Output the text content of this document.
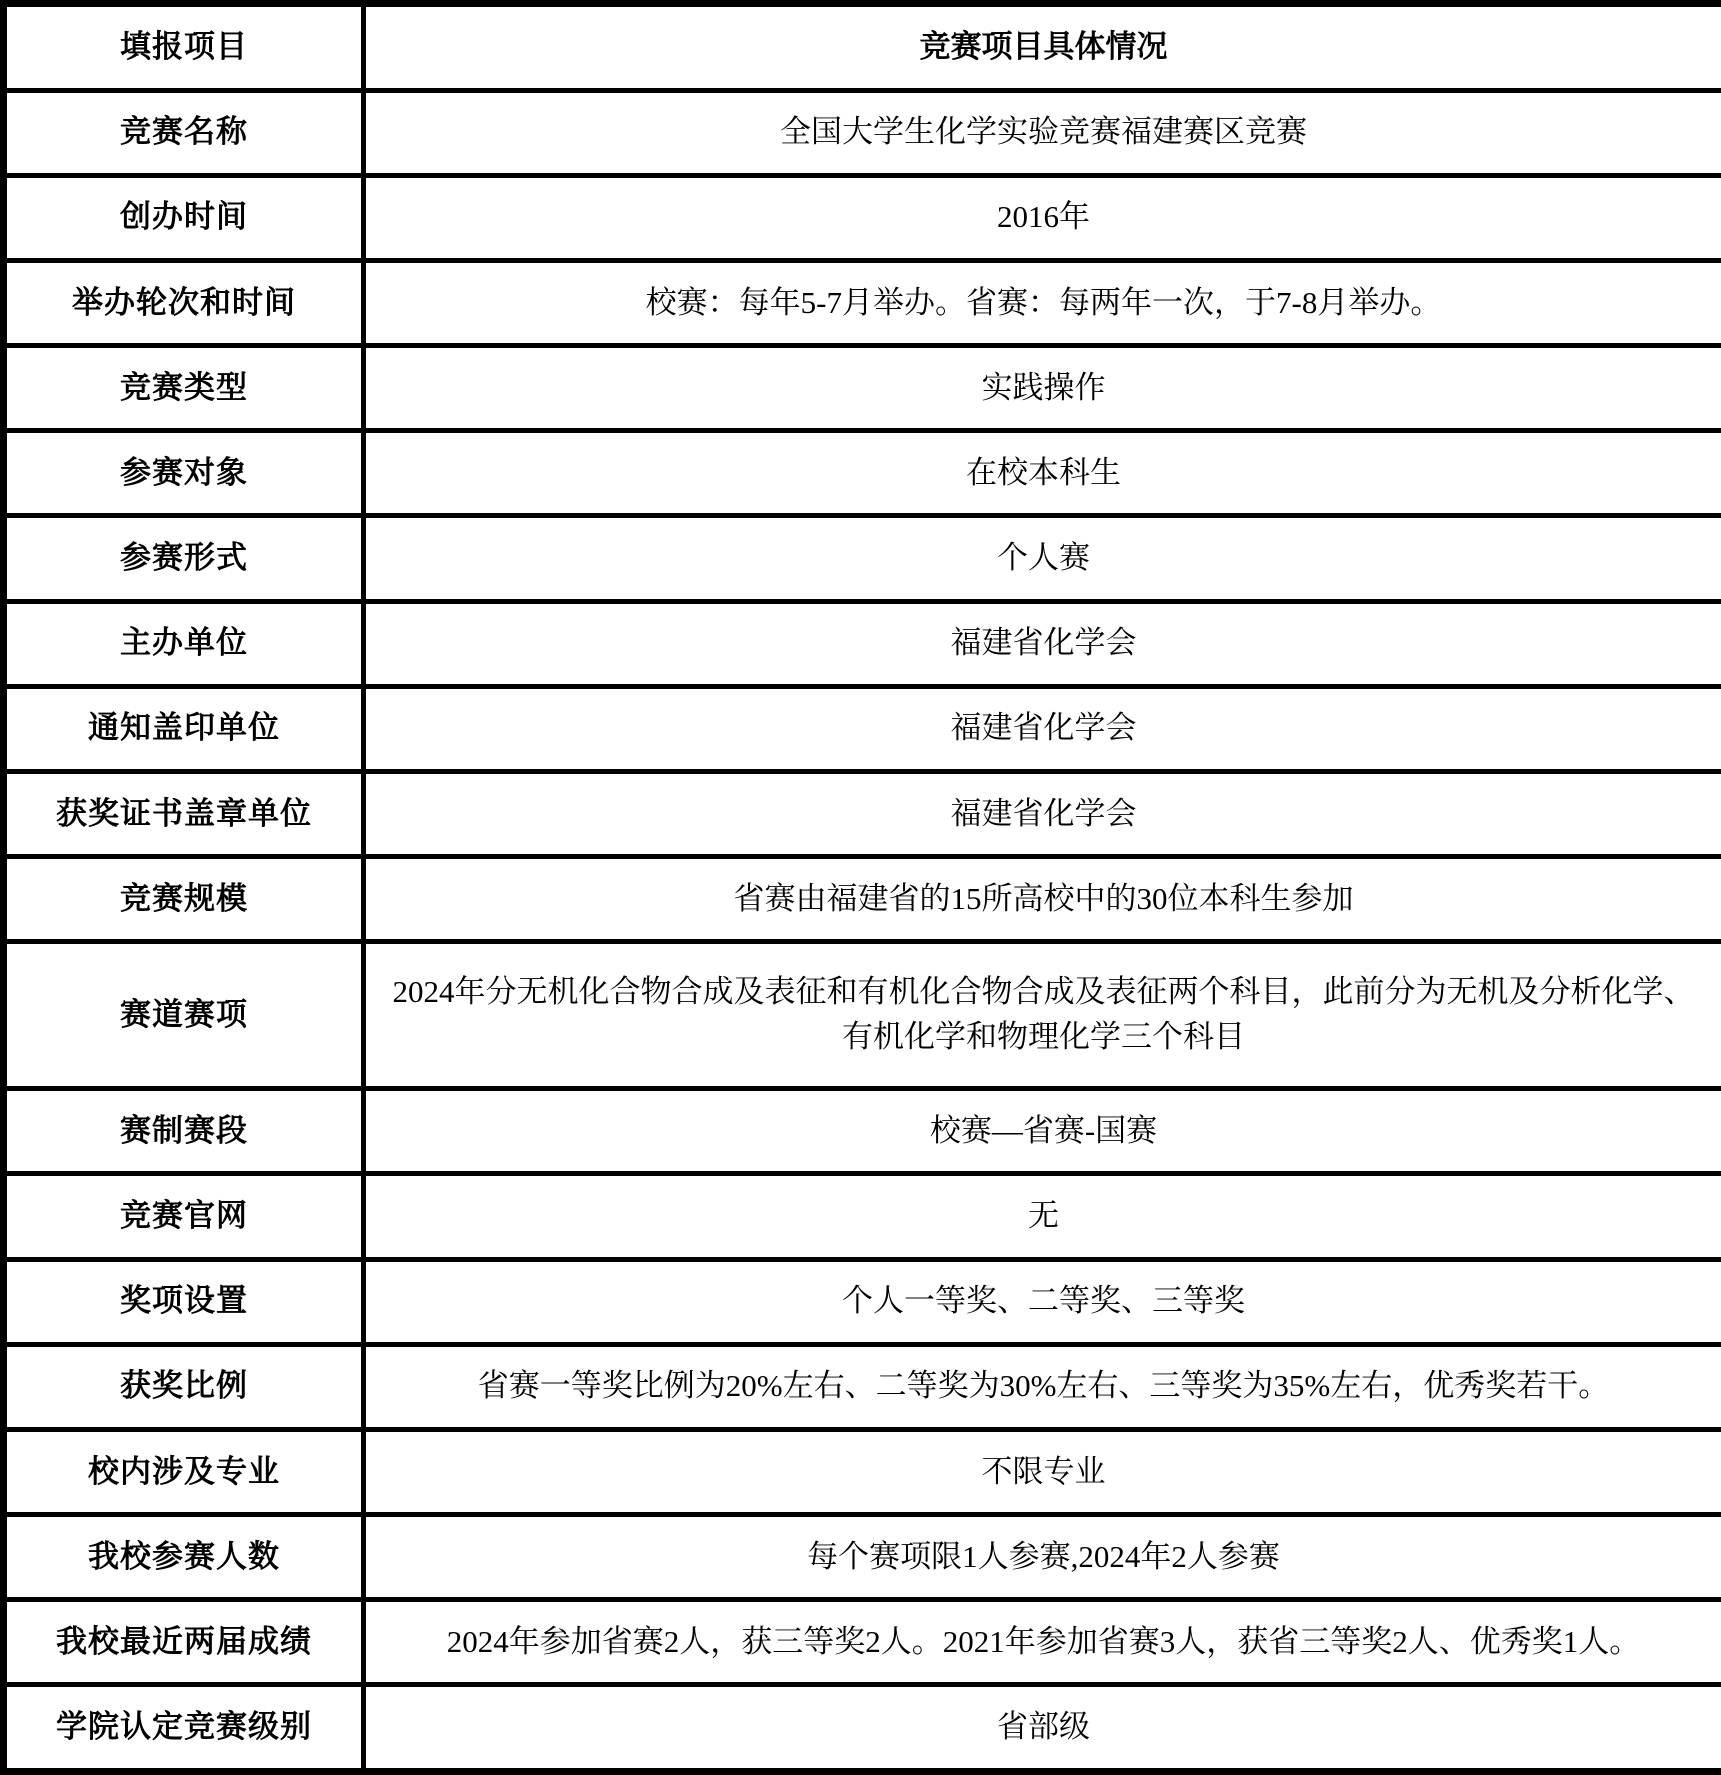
填报项目	竞赛项目具体情况
竞赛名称	全国大学生化学实验竞赛福建赛区竞赛
创办时间	2016年
举办轮次和时间	校赛：每年5-7月举办。省赛：每两年一次，于7-8月举办。
竞赛类型	实践操作
参赛对象	在校本科生
参赛形式	个人赛
主办单位	福建省化学会
通知盖印单位	福建省化学会
获奖证书盖章单位	福建省化学会
竞赛规模	省赛由福建省的15所高校中的30位本科生参加
赛道赛项	2024年分无机化合物合成及表征和有机化合物合成及表征两个科目，此前分为无机及分析化学、有机化学和物理化学三个科目
赛制赛段	校赛—省赛-国赛
竞赛官网	无
奖项设置	个人一等奖、二等奖、三等奖
获奖比例	省赛一等奖比例为20%左右、二等奖为30%左右、三等奖为35%左右，优秀奖若干。
校内涉及专业	不限专业
我校参赛人数	每个赛项限1人参赛,2024年2人参赛
我校最近两届成绩	2024年参加省赛2人，获三等奖2人。2021年参加省赛3人，获省三等奖2人、优秀奖1人。
学院认定竞赛级别	省部级
